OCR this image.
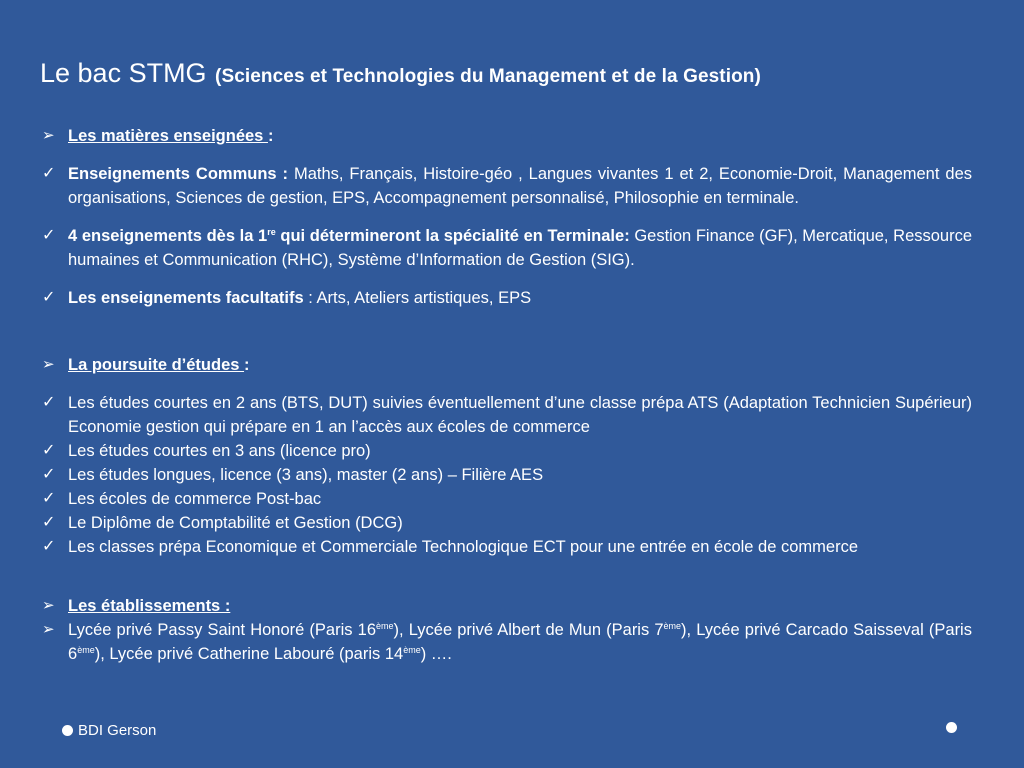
Le bac STMG (Sciences et Technologies du Management et de la Gestion)
➢ Les matières enseignées :
✓ Enseignements Communs : Maths, Français, Histoire-géo , Langues vivantes 1 et 2, Economie-Droit, Management des organisations, Sciences de gestion, EPS, Accompagnement personnalisé, Philosophie en terminale.
✓ 4 enseignements dès la 1re qui détermineront la spécialité en Terminale: Gestion Finance (GF), Mercatique, Ressource humaines et Communication (RHC), Système d’Information de Gestion (SIG).
✓ Les enseignements facultatifs : Arts, Ateliers artistiques, EPS
➢ La poursuite d’études :
✓ Les études courtes en 2 ans (BTS, DUT) suivies éventuellement d’une classe prépa ATS (Adaptation Technicien Supérieur) Economie gestion qui prépare en 1 an l’accès aux écoles de commerce
✓ Les études courtes en 3 ans (licence pro)
✓ Les études longues, licence (3 ans), master (2 ans) – Filière AES
✓ Les écoles de commerce Post-bac
✓ Le Diplôme de Comptabilité et Gestion (DCG)
✓ Les classes prépa Economique et Commerciale Technologique ECT pour une entrée en école de commerce
➢ Les établissements :
➢ Lycée privé Passy Saint Honoré (Paris 16ème), Lycée privé Albert de Mun (Paris 7ème), Lycée privé Carcado Saisseval (Paris 6ème), Lycée privé Catherine Labouré (paris 14ème) ….
BDI Gerson
